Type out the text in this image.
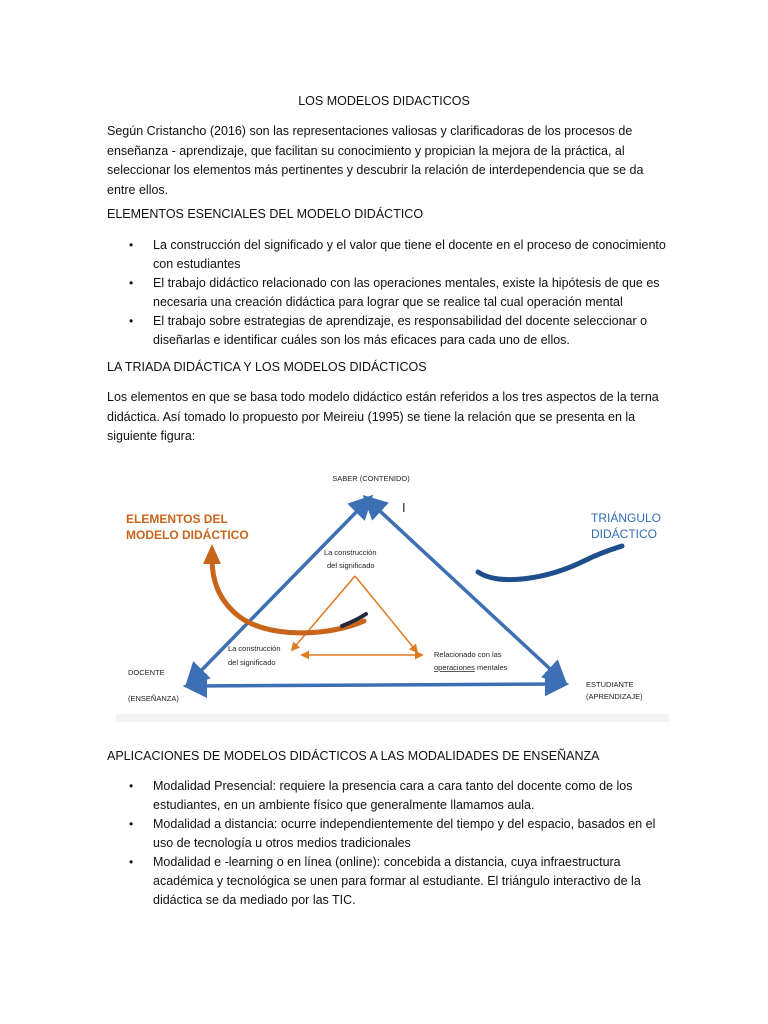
LOS MODELOS DIDACTICOS

Según Cristancho (2016) son las representaciones valiosas y clarificadoras de los procesos de enseñanza - aprendizaje, que facilitan su conocimiento y propician la mejora de la práctica, al seleccionar los elementos más pertinentes y descubrir la relación de interdependencia que se da entre ellos.

ELEMENTOS ESENCIALES DEL MODELO DIDÁCTICO

• La construcción del significado y el valor que tiene el docente en el proceso de conocimiento con estudiantes
• El trabajo didáctico relacionado con las operaciones mentales, existe la hipótesis de que es necesaria una creación didáctica para lograr que se realice tal cual operación mental
• El trabajo sobre estrategias de aprendizaje, es responsabilidad del docente seleccionar o diseñarlas e identificar cuáles son los más eficaces para cada uno de ellos.

LA TRIADA DIDÁCTICA Y LOS MODELOS DIDÁCTICOS

Los elementos en que se basa todo modelo didáctico están referidos a los tres aspectos de la terna didáctica. Así tomado lo propuesto por Meireiu (1995) se tiene la relación que se presenta en la siguiente figura:

SABER (CONTENIDO)
I
ELEMENTOS DEL
MODELO DIDÁCTICO
TRIÁNGULO
DIDÁCTICO
DOCENTE
(ENSEÑANZA)
ESTUDIANTE
(APRENDIZAJE)
La construcción
del significado
La construcción
del significado
Relacionado con las
operaciones mentales

APLICACIONES DE MODELOS DIDÁCTICOS A LAS MODALIDADES DE ENSEÑANZA

• Modalidad Presencial: requiere la presencia cara a cara tanto del docente como de los estudiantes, en un ambiente físico que generalmente llamamos aula.
• Modalidad a distancia: ocurre independientemente del tiempo y del espacio, basados en el uso de tecnología u otros medios tradicionales
• Modalidad e -learning o en línea (online): concebida a distancia, cuya infraestructura académica y tecnológica se unen para formar al estudiante. El triángulo interactivo de la didáctica se da mediado por las TIC.
